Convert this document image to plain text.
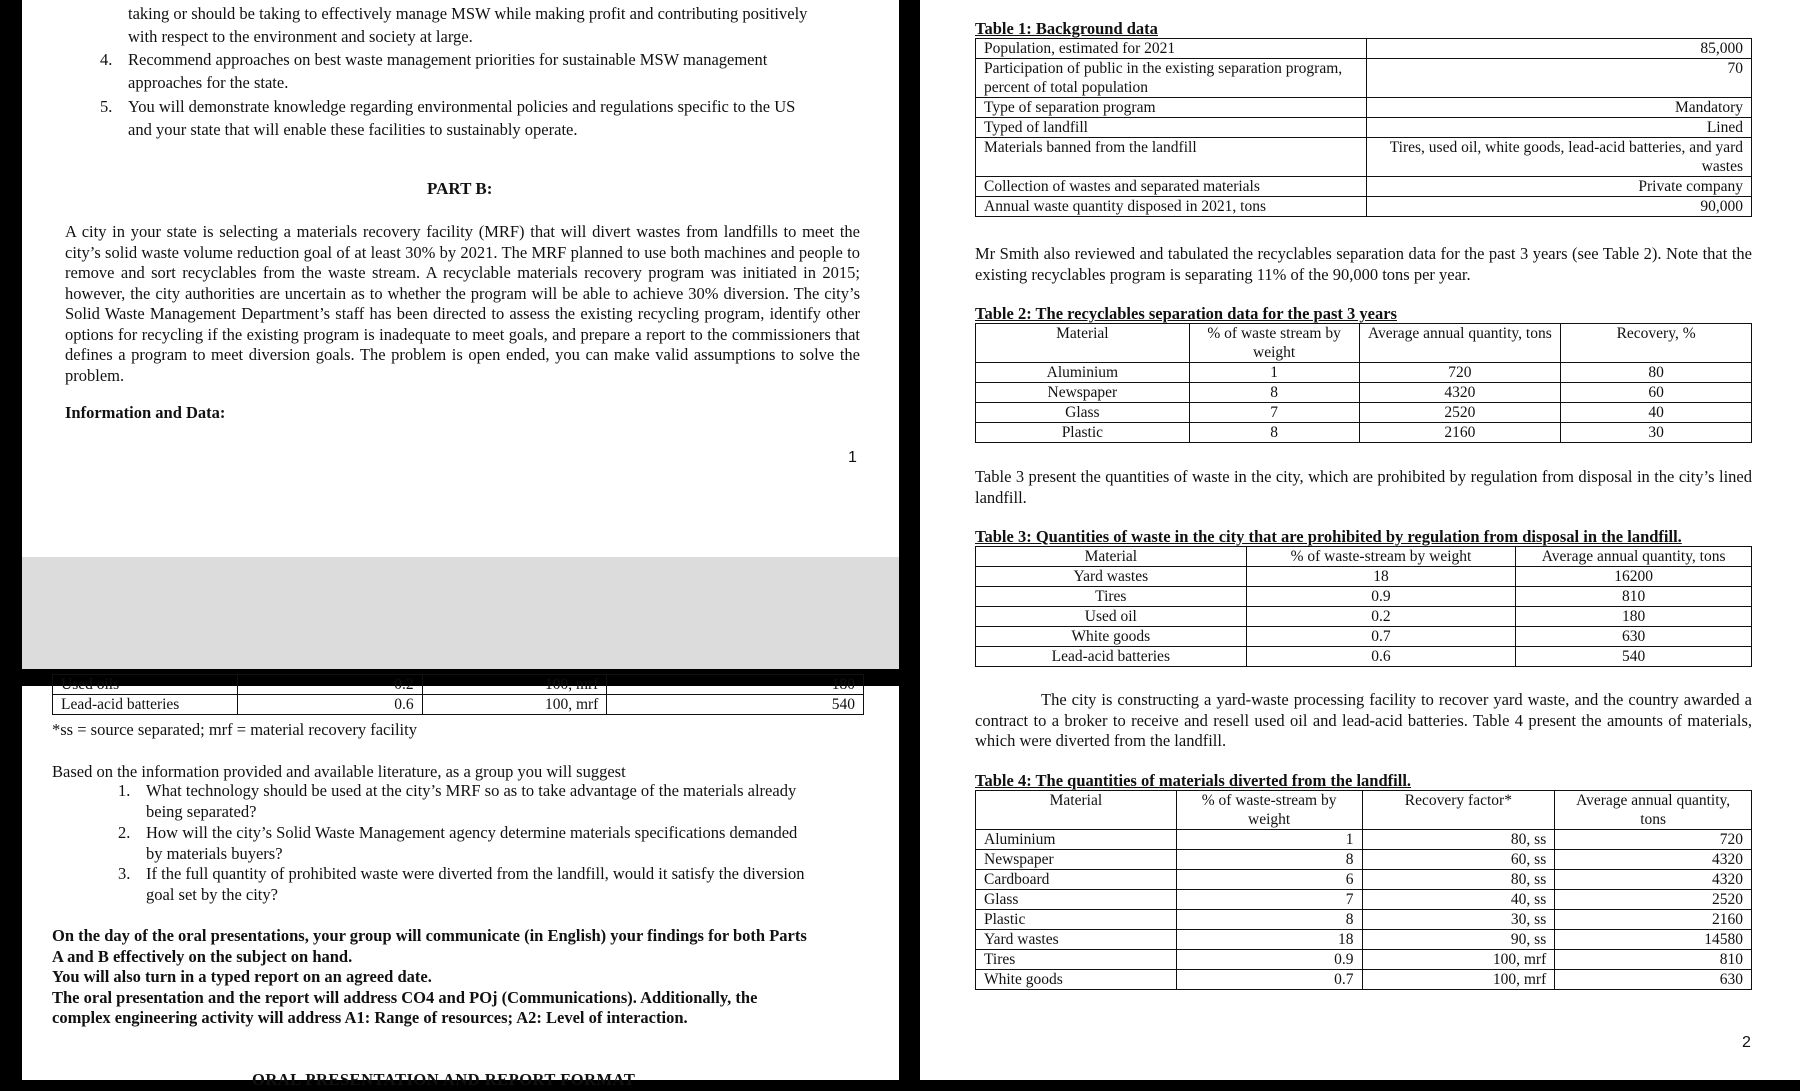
taking or should be taking to effectively manage MSW while making profit and contributing positively
with respect to the environment and society at large.
4. Recommend approaches on best waste management priorities for sustainable MSW management
approaches for the state.
5. You will demonstrate knowledge regarding environmental policies and regulations specific to the US
and your state that will enable these facilities to sustainably operate.
PART B:
A city in your state is selecting a materials recovery facility (MRF) that will divert wastes from landfills to meet the city’s solid waste volume reduction goal of at least 30% by 2021. The MRF planned to use both machines and people to remove and sort recyclables from the waste stream. A recyclable materials recovery program was initiated in 2015; however, the city authorities are uncertain as to whether the program will be able to achieve 30% diversion. The city’s Solid Waste Management Department’s staff has been directed to assess the existing recycling program, identify other options for recycling if the existing program is inadequate to meet goals, and prepare a report to the commissioners that defines a program to meet diversion goals. The problem is open ended, you can make valid assumptions to solve the problem.
Information and Data:
1
Used oils	0.2	100, mrf	180
Lead-acid batteries	0.6	100, mrf	540
*ss = source separated; mrf = material recovery facility
Based on the information provided and available literature, as a group you will suggest
1. What technology should be used at the city’s MRF so as to take advantage of the materials already
being separated?
2. How will the city’s Solid Waste Management agency determine materials specifications demanded
by materials buyers?
3. If the full quantity of prohibited waste were diverted from the landfill, would it satisfy the diversion
goal set by the city?
On the day of the oral presentations, your group will communicate (in English) your findings for both Parts
A and B effectively on the subject on hand.
You will also turn in a typed report on an agreed date.
The oral presentation and the report will address CO4 and POj (Communications). Additionally, the
complex engineering activity will address A1: Range of resources; A2: Level of interaction.
ORAL PRESENTATION AND REPORT FORMAT
Table 1: Background data
Population, estimated for 2021	85,000
Participation of public in the existing separation program, percent of total population	70
Type of separation program	Mandatory
Typed of landfill	Lined
Materials banned from the landfill	Tires, used oil, white goods, lead-acid batteries, and yard wastes
Collection of wastes and separated materials	Private company
Annual waste quantity disposed in 2021, tons	90,000
Mr Smith also reviewed and tabulated the recyclables separation data for the past 3 years (see Table 2). Note that the existing recyclables program is separating 11% of the 90,000 tons per year.
Table 2: The recyclables separation data for the past 3 years
Material	% of waste stream by weight	Average annual quantity, tons	Recovery, %
Aluminium	1	720	80
Newspaper	8	4320	60
Glass	7	2520	40
Plastic	8	2160	30
Table 3 present the quantities of waste in the city, which are prohibited by regulation from disposal in the city’s lined landfill.
Table 3: Quantities of waste in the city that are prohibited by regulation from disposal in the landfill.
Material	% of waste-stream by weight	Average annual quantity, tons
Yard wastes	18	16200
Tires	0.9	810
Used oil	0.2	180
White goods	0.7	630
Lead-acid batteries	0.6	540
The city is constructing a yard-waste processing facility to recover yard waste, and the country awarded a contract to a broker to receive and resell used oil and lead-acid batteries. Table 4 present the amounts of materials, which were diverted from the landfill.
Table 4: The quantities of materials diverted from the landfill.
Material	% of waste-stream by weight	Recovery factor*	Average annual quantity, tons
Aluminium	1	80, ss	720
Newspaper	8	60, ss	4320
Cardboard	6	80, ss	4320
Glass	7	40, ss	2520
Plastic	8	30, ss	2160
Yard wastes	18	90, ss	14580
Tires	0.9	100, mrf	810
White goods	0.7	100, mrf	630
2
